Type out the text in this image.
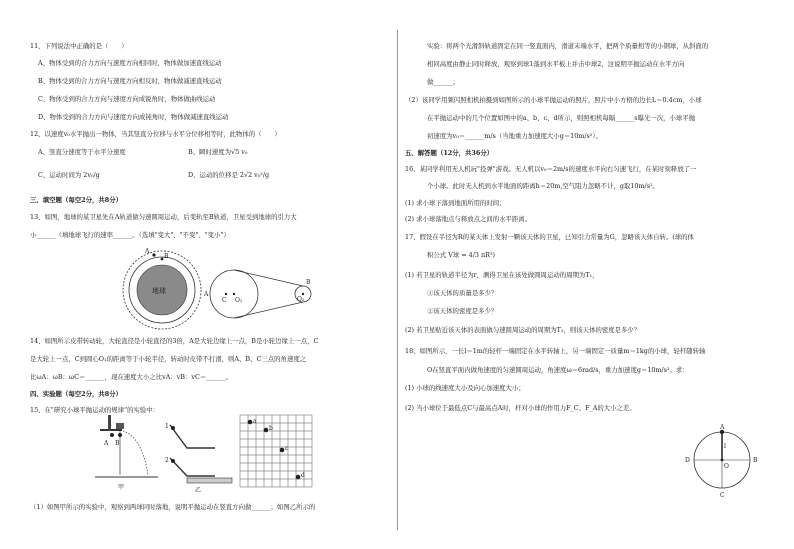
11、下列说法中正确的是（　　）
A、物体受到的合力方向与速度方向相同时，物体做加速直线运动
B、物体受到的合力方向与速度方向相反时，物体做减速直线运动
C、物体受到的合力方向与速度方向成锐角时，物体做曲线运动
D、物体受到的合力方向与速度方向成钝角时，物体做减速直线运动
12、以速度v₀水平抛出一物体，当其竖直分位移与水平分位移相等时，此物体的（　　）
A、竖直分速度等于水平分速度	B、瞬时速度为√5 v₀
C、运动时间为 2v₀/g	D、运动的位移是 2√2 v₀²/g
三、填空题（每空2分，共8分）
13、如图，地球的某卫星先在A轨道做匀速圆周运动，后变轨至B轨道，卫星受到地球的引力大
小______（填地球飞行的速率______。（选填"变大"、"不变"、"变小"）
A
B
地球	A
C O₁	O₂
B
14、如图所示皮带转动轮，大轮直径是小轮直径的3倍，A是大轮边缘上一点，B是小轮边缘上一点，C
是大轮上一点，C到圆心O₁的距离等于小轮半径，转动时皮带不打滑，则A、B、C三点的角速度之
比ωA：ωB：ωC＝______，现在速度大小之比vA：vB：vC＝______。
四、实验题（每空2分，共8分）
15、在"研究小球平抛运动的规律"的实验中：
A B
甲
1
2
乙
a
b
c
d
（1）如图甲所示的实验中，观察到两球同时落地，说明平抛运动在竖直方向做______；如图乙所示的
实验：将两个光滑斜轨道固定在同一竖直面内，滑道末端水平，把两个质量相等的小钢球，从斜面的
相同高度由静止同时释放，观察到球1落到水平板上并击中球2，这说明平抛运动在水平方向
做______；
（2）该同学用频闪照相机拍摄到如图所示的小球平抛运动的照片，照片中小方格的边长L＝0.4cm，小球
在平抛运动中的几个位置如图中的a、b、c、d所示，则照相机每隔______s曝光一次，小球平抛
初速度为v₀＝______m/s（当地重力加速度大小g＝10m/s²）。
五、解答题（12分，共36分）
16、某同学利用无人机玩"投弹"游戏。无人机以v₀＝2m/s的速度水平向右匀速飞行，在某时刻释放了一
个小球。此时无人机到水平地面的距离h＝20m,空气阻力忽略不计，g取10m/s²。
(1) 求小球下落到地面所用的时间；
(2) 求小球落地点与释放点之间的水平距离。
17、假设在半径为R的某天体上发射一颗该天体的卫星，已知引力常量为G，忽略该天体自转。(球的体
积公式 V球 = 4/3 πR³)
(1) 若卫星的轨道半径为r，测得卫星在该处做圆周运动的周期为T₁，
①该天体的质量是多少？
②该天体的密度是多少？
(2) 若卫星贴近该天体的表面做匀速圆周运动的周期为T₂，则该天体的密度是多少？
18、如图所示，一长l＝1m的轻杆一端固定在水平转轴上，另一端固定一质量m＝1kg的小球，轻杆随转轴
O在竖直平面内做角速度的匀速圆周运动，角速度ω＝6rad/s，重力加速度g＝10m/s²。求：
(1) 小球的线速度大小及向心加速度大小；
(2) 当小球位于最低点C与最高点A时，杆对小球的作用力F_C、F_A的大小之差。
A
B
C
D
O
l
